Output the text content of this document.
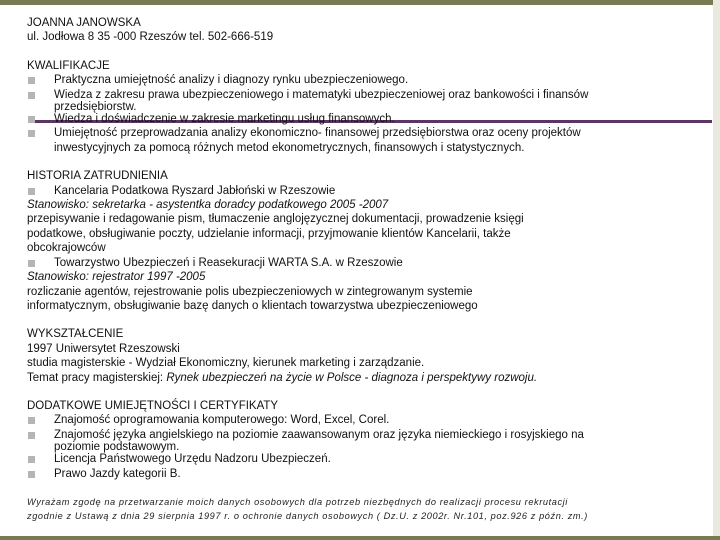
JOANNA JANOWSKA
ul. Jodłowa 8 35 -000 Rzeszów tel. 502-666-519
KWALIFIKACJE
Praktyczna umiejętność analizy i diagnozy rynku ubezpieczeniowego.
Wiedza z zakresu prawa ubezpieczeniowego i matematyki ubezpieczeniowej oraz bankowości i finansów
przedsiębiorstw.
Wiedza i doświadczenie w zakresie marketingu usług finansowych.
Umiejętność przeprowadzania analizy ekonomiczno- finansowej przedsiębiorstwa oraz oceny projektów
inwestycyjnych za pomocą różnych metod ekonometrycznych, finansowych i statystycznych.
HISTORIA ZATRUDNIENIA
Kancelaria Podatkowa Ryszard Jabłoński w Rzeszowie
Stanowisko: sekretarka - asystentka doradcy podatkowego 2005 -2007
przepisywanie i redagowanie pism, tłumaczenie anglojęzycznej dokumentacji, prowadzenie księgi
podatkowe, obsługiwanie poczty, udzielanie informacji, przyjmowanie klientów Kancelarii, także
obcokrajowców
Towarzystwo Ubezpieczeń i Reasekuracji WARTA S.A. w Rzeszowie
Stanowisko: rejestrator 1997 -2005
rozliczanie agentów, rejestrowanie polis ubezpieczeniowych w zintegrowanym systemie
informatycznym, obsługiwanie bazę danych o klientach towarzystwa ubezpieczeniowego
WYKSZTAŁCENIE
1997 Uniwersytet Rzeszowski
studia magisterskie - Wydział Ekonomiczny, kierunek marketing i zarządzanie.
Temat pracy magisterskiej: Rynek ubezpieczeń na życie w Polsce - diagnoza i perspektywy rozwoju.
DODATKOWE UMIEJĘTNOŚCI I CERTYFIKATY
Znajomość oprogramowania komputerowego: Word, Excel, Corel.
Znajomość języka angielskiego na poziomie zaawansowanym oraz języka niemieckiego i rosyjskiego na
poziomie podstawowym.
Licencja Państwowego Urzędu Nadzoru Ubezpieczeń.
Prawo Jazdy kategorii B.
Wyrażam zgodę na przetwarzanie moich danych osobowych dla potrzeb niezbędnych do realizacji procesu rekrutacji
zgodnie z Ustawą z dnia 29 sierpnia 1997 r. o ochronie danych osobowych ( Dz.U. z 2002r. Nr.101, poz.926 z późn. zm.)
